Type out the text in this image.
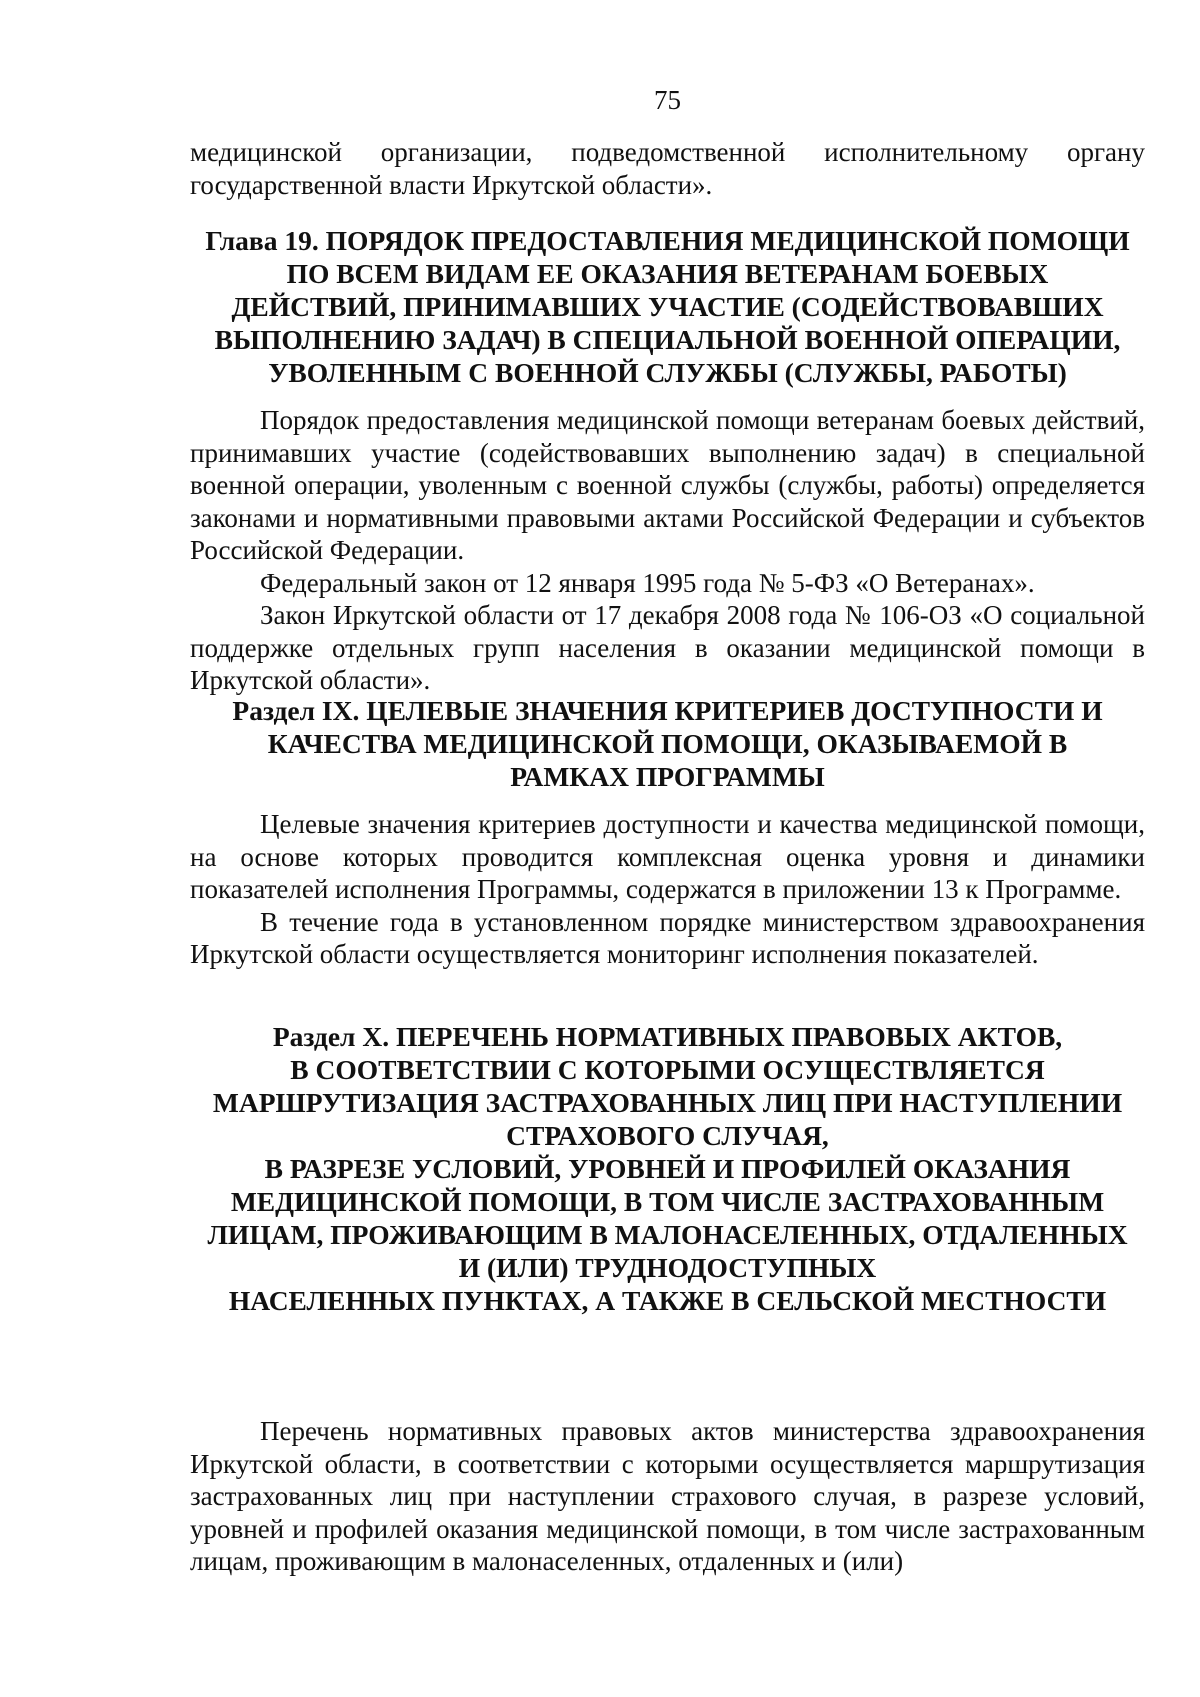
75

медицинской организации, подведомственной исполнительному органу государственной власти Иркутской области».

Глава 19. ПОРЯДОК ПРЕДОСТАВЛЕНИЯ МЕДИЦИНСКОЙ ПОМОЩИ
ПО ВСЕМ ВИДАМ ЕЕ ОКАЗАНИЯ ВЕТЕРАНАМ БОЕВЫХ
ДЕЙСТВИЙ, ПРИНИМАВШИХ УЧАСТИЕ (СОДЕЙСТВОВАВШИХ
ВЫПОЛНЕНИЮ ЗАДАЧ) В СПЕЦИАЛЬНОЙ ВОЕННОЙ ОПЕРАЦИИ,
УВОЛЕННЫМ С ВОЕННОЙ СЛУЖБЫ (СЛУЖБЫ, РАБОТЫ)

Порядок предоставления медицинской помощи ветеранам боевых действий, принимавших участие (содействовавших выполнению задач) в специальной военной операции, уволенным с военной службы (службы, работы) определяется законами и нормативными правовыми актами Российской Федерации и субъектов Российской Федерации.

Федеральный закон от 12 января 1995 года № 5-ФЗ «О Ветеранах».

Закон Иркутской области от 17 декабря 2008 года № 106-ОЗ «О социальной поддержке отдельных групп населения в оказании медицинской помощи в Иркутской области».

Раздел IX. ЦЕЛЕВЫЕ ЗНАЧЕНИЯ КРИТЕРИЕВ ДОСТУПНОСТИ И
КАЧЕСТВА МЕДИЦИНСКОЙ ПОМОЩИ, ОКАЗЫВАЕМОЙ В
РАМКАХ ПРОГРАММЫ

Целевые значения критериев доступности и качества медицинской помощи, на основе которых проводится комплексная оценка уровня и динамики показателей исполнения Программы, содержатся в приложении 13 к Программе.

В течение года в установленном порядке министерством здравоохранения Иркутской области осуществляется мониторинг исполнения показателей.

Раздел X. ПЕРЕЧЕНЬ НОРМАТИВНЫХ ПРАВОВЫХ АКТОВ,
В СООТВЕТСТВИИ С КОТОРЫМИ ОСУЩЕСТВЛЯЕТСЯ
МАРШРУТИЗАЦИЯ ЗАСТРАХОВАННЫХ ЛИЦ ПРИ НАСТУПЛЕНИИ
СТРАХОВОГО СЛУЧАЯ,
В РАЗРЕЗЕ УСЛОВИЙ, УРОВНЕЙ И ПРОФИЛЕЙ ОКАЗАНИЯ
МЕДИЦИНСКОЙ ПОМОЩИ, В ТОМ ЧИСЛЕ ЗАСТРАХОВАННЫМ
ЛИЦАМ, ПРОЖИВАЮЩИМ В МАЛОНАСЕЛЕННЫХ, ОТДАЛЕННЫХ
И (ИЛИ) ТРУДНОДОСТУПНЫХ
НАСЕЛЕННЫХ ПУНКТАХ, А ТАКЖЕ В СЕЛЬСКОЙ МЕСТНОСТИ

Перечень нормативных правовых актов министерства здравоохранения Иркутской области, в соответствии с которыми осуществляется маршрутизация застрахованных лиц при наступлении страхового случая, в разрезе условий, уровней и профилей оказания медицинской помощи, в том числе застрахованным лицам, проживающим в малонаселенных, отдаленных и (или)
